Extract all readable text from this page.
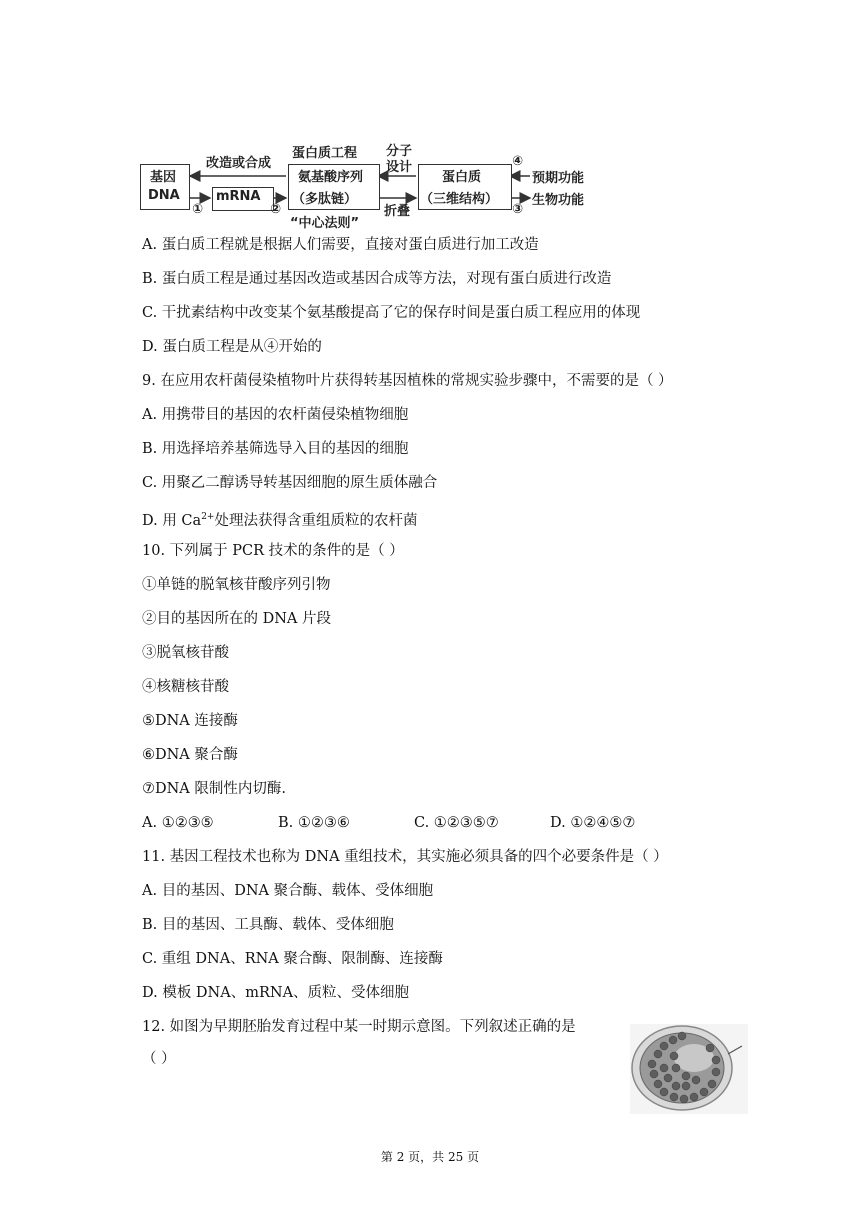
基因
DNA	mRNA
氨基酸序列
（多肽链）
蛋白质
（三维结构）
改造或合成
蛋白质工程 分子
设计
折叠
“中心法则”
预期功能
生物功能
①	②	③
④
A. 蛋白质工程就是根据人们需要，直接对蛋白质进行加工改造
B. 蛋白质工程是通过基因改造或基因合成等方法，对现有蛋白质进行改造
C. 干扰素结构中改变某个氨基酸提高了它的保存时间是蛋白质工程应用的体现
D. 蛋白质工程是从④开始的
9. 在应用农杆菌侵染植物叶片获得转基因植株的常规实验步骤中，不需要的是（ ）
A. 用携带目的基因的农杆菌侵染植物细胞
B. 用选择培养基筛选导入目的基因的细胞
C. 用聚乙二醇诱导转基因细胞的原生质体融合
D. 用 $Ca^{2+}$处理法获得含重组质粒的农杆菌
10. 下列属于 PCR 技术的条件的是（ ）
①单链的脱氧核苷酸序列引物
②目的基因所在的 DNA 片段
③脱氧核苷酸
④核糖核苷酸
⑤DNA 连接酶
⑥DNA 聚合酶
⑦DNA 限制性内切酶.
A. ①②③⑤	B. ①②③⑥	C. ①②③⑤⑦	D. ①②④⑤⑦
11. 基因工程技术也称为 DNA 重组技术，其实施必须具备的四个必要条件是（ ）
A. 目的基因、DNA 聚合酶、载体、受体细胞
B. 目的基因、工具酶、载体、受体细胞
C. 重组 DNA、RNA 聚合酶、限制酶、连接酶
D. 模板 DNA、mRNA、质粒、受体细胞
12. 如图为早期胚胎发育过程中某一时期示意图。下列叙述正确的是
（ ）
第 2 页，共 25 页
